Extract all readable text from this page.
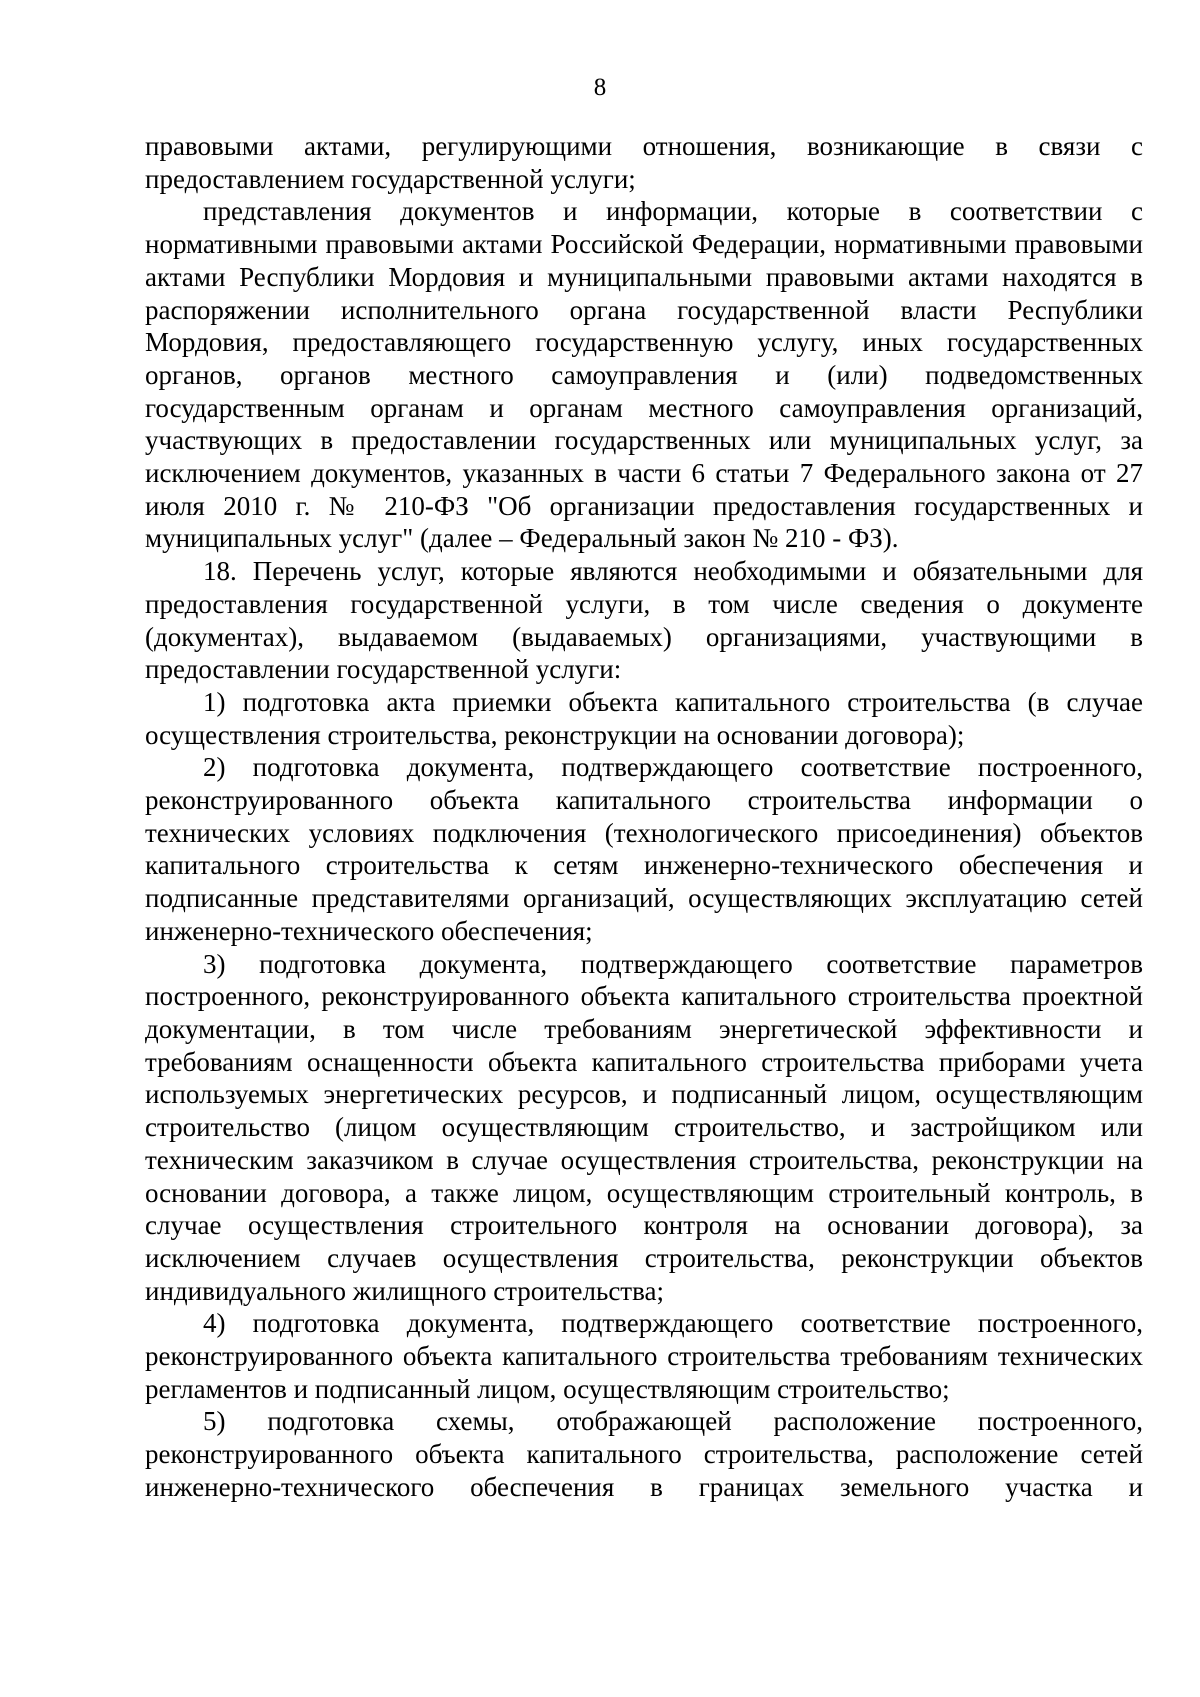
8

правовыми актами, регулирующими отношения, возникающие в связи с предоставлением государственной услуги;

представления документов и информации, которые в соответствии с нормативными правовыми актами Российской Федерации, нормативными правовыми актами Республики Мордовия и муниципальными правовыми актами находятся в распоряжении исполнительного органа государственной власти Республики Мордовия, предоставляющего государственную услугу, иных государственных органов, органов местного самоуправления и (или) подведомственных государственным органам и органам местного самоуправления организаций, участвующих в предоставлении государственных или муниципальных услуг, за исключением документов, указанных в части 6 статьи 7 Федерального закона от 27 июля 2010 г. № 210-ФЗ "Об организации предоставления государственных и муниципальных услуг" (далее – Федеральный закон № 210 - ФЗ).

18. Перечень услуг, которые являются необходимыми и обязательными для предоставления государственной услуги, в том числе сведения о документе (документах), выдаваемом (выдаваемых) организациями, участвующими в предоставлении государственной услуги:

1) подготовка акта приемки объекта капитального строительства (в случае осуществления строительства, реконструкции на основании договора);

2) подготовка документа, подтверждающего соответствие построенного, реконструированного объекта капитального строительства информации о технических условиях подключения (технологического присоединения) объектов капитального строительства к сетям инженерно-технического обеспечения и подписанные представителями организаций, осуществляющих эксплуатацию сетей инженерно-технического обеспечения;

3) подготовка документа, подтверждающего соответствие параметров построенного, реконструированного объекта капитального строительства проектной документации, в том числе требованиям энергетической эффективности и требованиям оснащенности объекта капитального строительства приборами учета используемых энергетических ресурсов, и подписанный лицом, осуществляющим строительство (лицом осуществляющим строительство, и застройщиком или техническим заказчиком в случае осуществления строительства, реконструкции на основании договора, а также лицом, осуществляющим строительный контроль, в случае осуществления строительного контроля на основании договора), за исключением случаев осуществления строительства, реконструкции объектов индивидуального жилищного строительства;

4) подготовка документа, подтверждающего соответствие построенного, реконструированного объекта капитального строительства требованиям технических регламентов и подписанный лицом, осуществляющим строительство;

5) подготовка схемы, отображающей расположение построенного, реконструированного объекта капитального строительства, расположение сетей инженерно-технического обеспечения в границах земельного участка и
